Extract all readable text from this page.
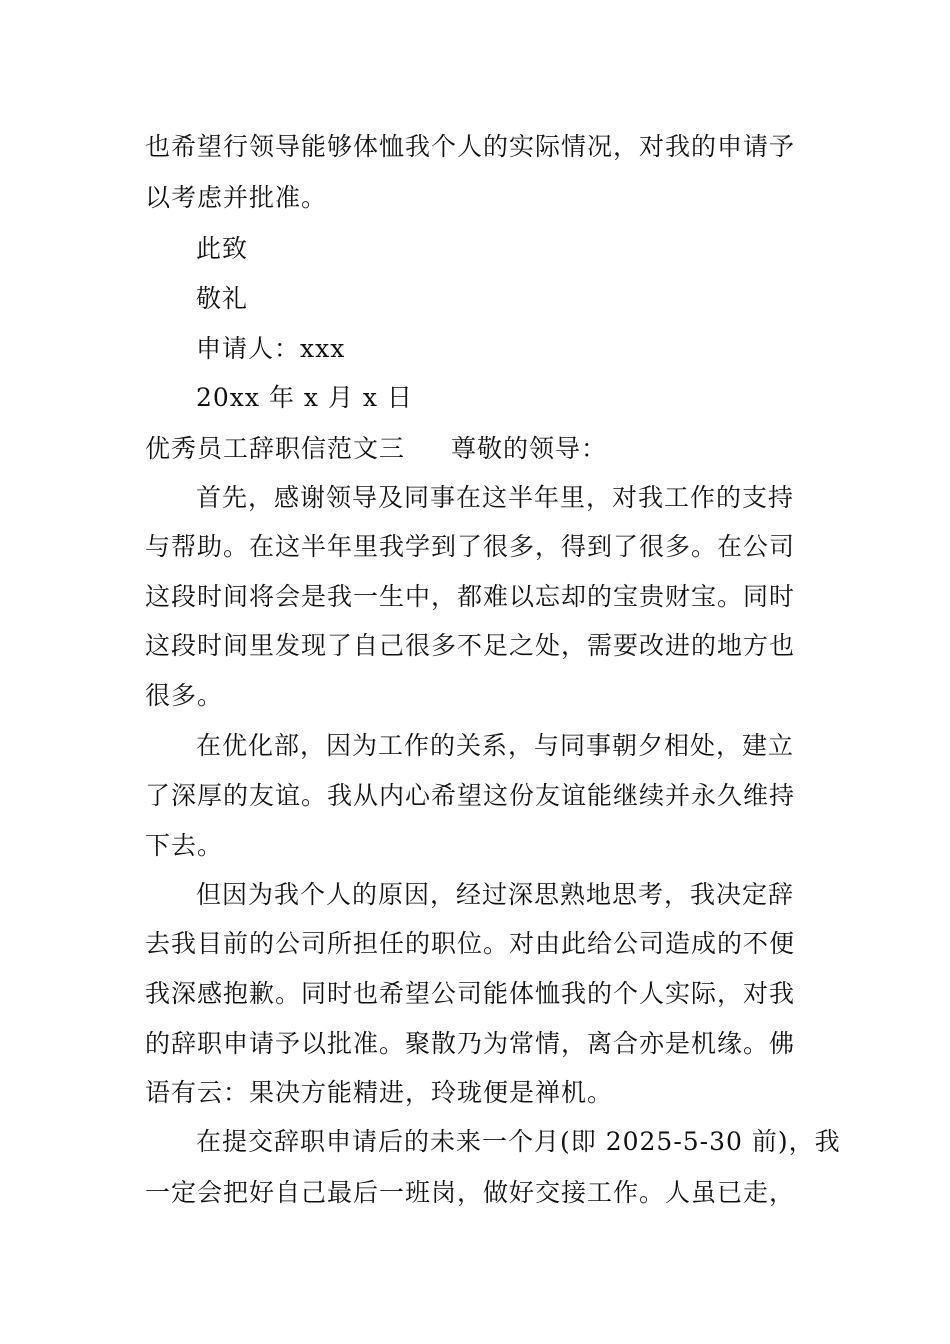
也希望行领导能够体恤我个人的实际情况，对我的申请予
以考虑并批准。
此致
敬礼
申请人：xxx
20xx 年 x 月 x 日
优秀员工辞职信范文三 尊敬的领导：
首先，感谢领导及同事在这半年里，对我工作的支持
与帮助。在这半年里我学到了很多，得到了很多。在公司
这段时间将会是我一生中，都难以忘却的宝贵财宝。同时
这段时间里发现了自己很多不足之处，需要改进的地方也
很多。
在优化部，因为工作的关系，与同事朝夕相处，建立
了深厚的友谊。我从内心希望这份友谊能继续并永久维持
下去。
但因为我个人的原因，经过深思熟地思考，我决定辞
去我目前的公司所担任的职位。对由此给公司造成的不便
我深感抱歉。同时也希望公司能体恤我的个人实际，对我
的辞职申请予以批准。聚散乃为常情，离合亦是机缘。佛
语有云：果决方能精进，玲珑便是禅机。
在提交辞职申请后的未来一个月(即 2025-5-30 前)，我
一定会把好自己最后一班岗，做好交接工作。人虽已走，
